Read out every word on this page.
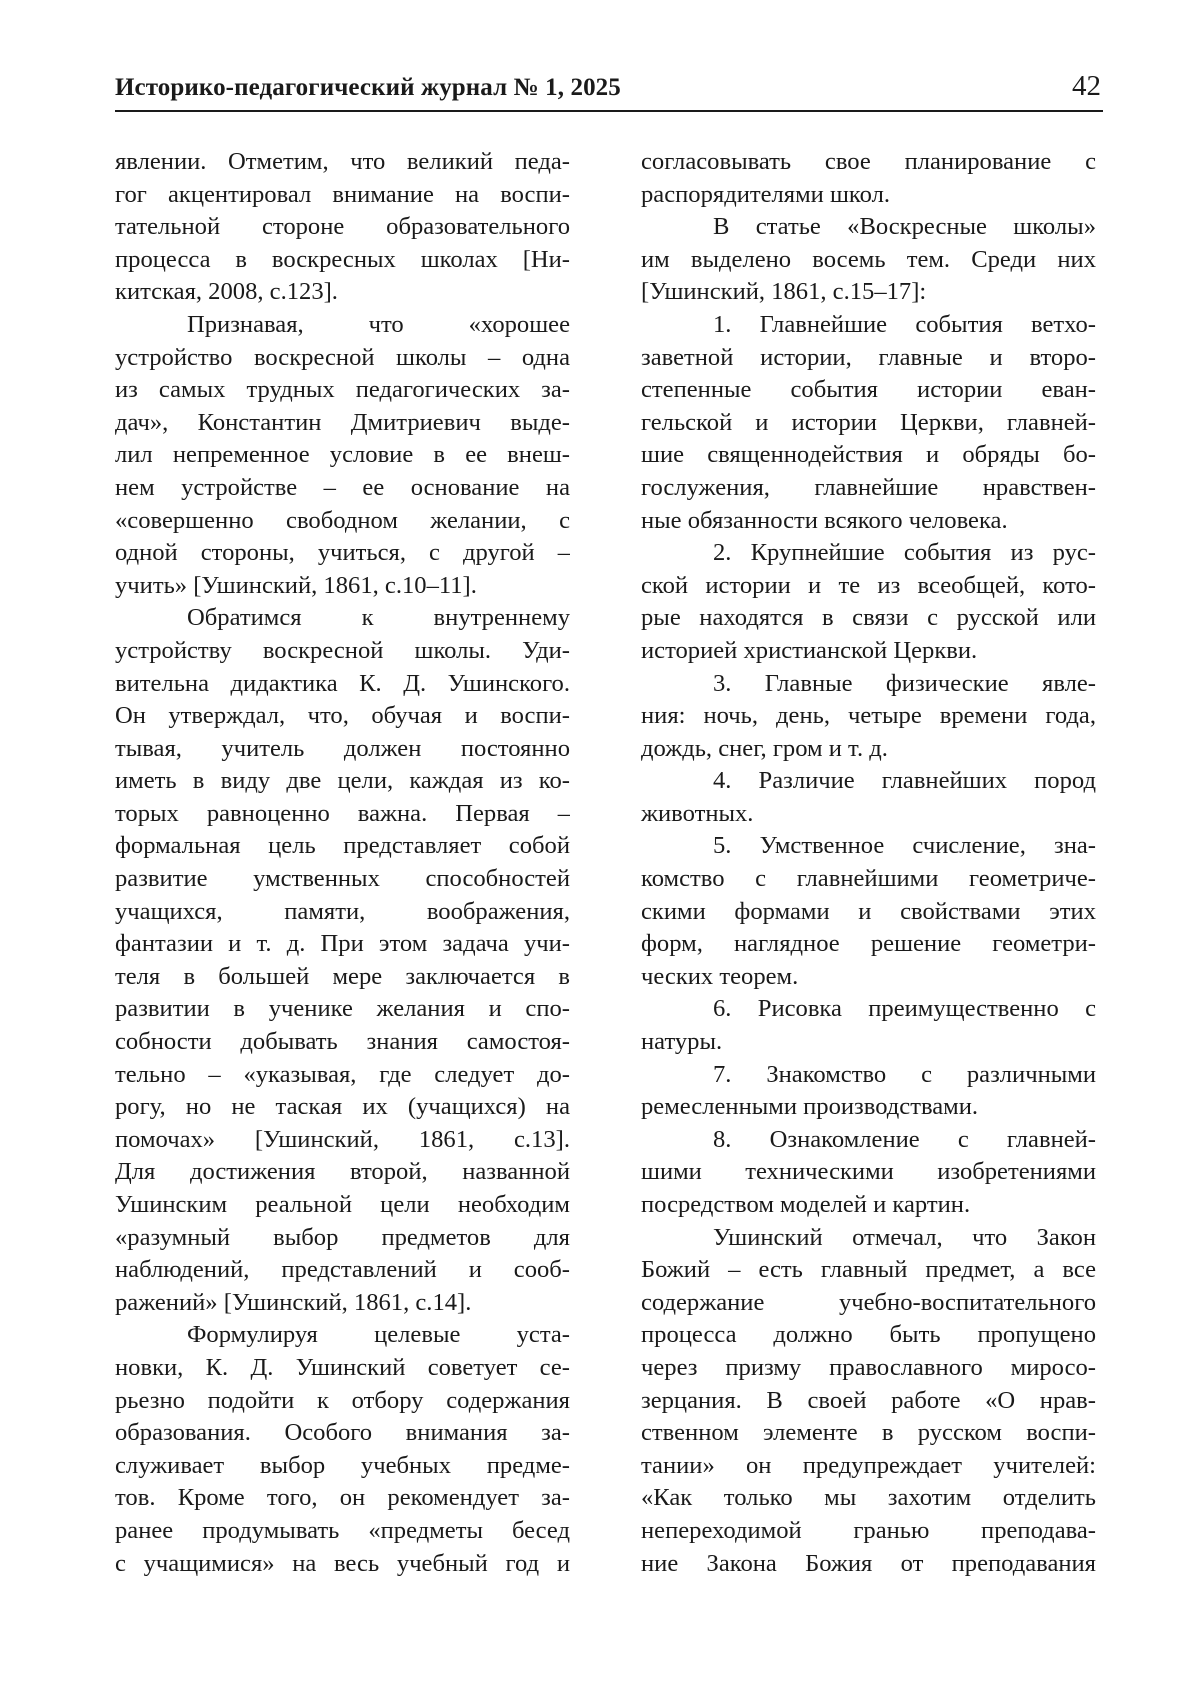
Историко-педагогический журнал № 1, 2025	42
явлении. Отметим, что великий педа-
гог акцентировал внимание на воспи-
тательной стороне образовательного
процесса в воскресных школах [Ни-
китская, 2008, с.123].
Признавая, что «хорошее
устройство воскресной школы – одна
из самых трудных педагогических за-
дач», Константин Дмитриевич выде-
лил непременное условие в ее внеш-
нем устройстве – ее основание на
«совершенно свободном желании, с
одной стороны, учиться, с другой –
учить» [Ушинский, 1861, с.10–11].
Обратимся к внутреннему
устройству воскресной школы. Уди-
вительна дидактика К. Д. Ушинского.
Он утверждал, что, обучая и воспи-
тывая, учитель должен постоянно
иметь в виду две цели, каждая из ко-
торых равноценно важна. Первая –
формальная цель представляет собой
развитие умственных способностей
учащихся, памяти, воображения,
фантазии и т. д. При этом задача учи-
теля в большей мере заключается в
развитии в ученике желания и спо-
собности добывать знания самостоя-
тельно – «указывая, где следует до-
рогу, но не таская их (учащихся) на
помочах» [Ушинский, 1861, с.13].
Для достижения второй, названной
Ушинским реальной цели необходим
«разумный выбор предметов для
наблюдений, представлений и сооб-
ражений» [Ушинский, 1861, с.14].
Формулируя целевые уста-
новки, К. Д. Ушинский советует се-
рьезно подойти к отбору содержания
образования. Особого внимания за-
служивает выбор учебных предме-
тов. Кроме того, он рекомендует за-
ранее продумывать «предметы бесед
с учащимися» на весь учебный год и
согласовывать свое планирование с
распорядителями школ.
В статье «Воскресные школы»
им выделено восемь тем. Среди них
[Ушинский, 1861, с.15–17]:
1. Главнейшие события ветхо-
заветной истории, главные и второ-
степенные события истории еван-
гельской и истории Церкви, главней-
шие священнодействия и обряды бо-
гослужения, главнейшие нравствен-
ные обязанности всякого человека.
2. Крупнейшие события из рус-
ской истории и те из всеобщей, кото-
рые находятся в связи с русской или
историей христианской Церкви.
3. Главные физические явле-
ния: ночь, день, четыре времени года,
дождь, снег, гром и т. д.
4. Различие главнейших пород
животных.
5. Умственное счисление, зна-
комство с главнейшими геометриче-
скими формами и свойствами этих
форм, наглядное решение геометри-
ческих теорем.
6. Рисовка преимущественно с
натуры.
7. Знакомство с различными
ремесленными производствами.
8. Ознакомление с главней-
шими техническими изобретениями
посредством моделей и картин.
Ушинский отмечал, что Закон
Божий – есть главный предмет, а все
содержание учебно-воспитательного
процесса должно быть пропущено
через призму православного миросо-
зерцания. В своей работе «О нрав-
ственном элементе в русском воспи-
тании» он предупреждает учителей:
«Как только мы захотим отделить
непереходимой гранью преподава-
ние Закона Божия от преподавания
